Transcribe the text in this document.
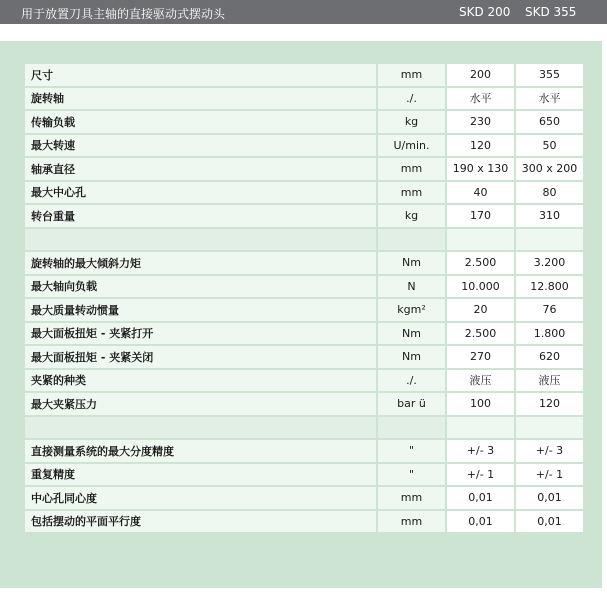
用于放置刀具主轴的直接驱动式摆动头	SKD 200 SKD 355
尺寸	mm	200	355
旋转轴	./.	水平	水平
传输负载	kg	230	650
最大转速	U/min.	120	50
轴承直径	mm	190 x 130	300 x 200
最大中心孔	mm	40	80
转台重量	kg	170	310

旋转轴的最大倾斜力矩	Nm	2.500	3.200
最大轴向负载	N	10.000	12.800
最大质量转动惯量	kgm²	20	76
最大面板扭矩 - 夹紧打开	Nm	2.500	1.800
最大面板扭矩 - 夹紧关闭	Nm	270	620
夹紧的种类	./.	液压	液压
最大夹紧压力	bar ü	100	120

直接测量系统的最大分度精度	"	+/- 3	+/- 3
重复精度	"	+/- 1	+/- 1
中心孔同心度	mm	0,01	0,01
包括摆动的平面平行度	mm	0,01	0,01
